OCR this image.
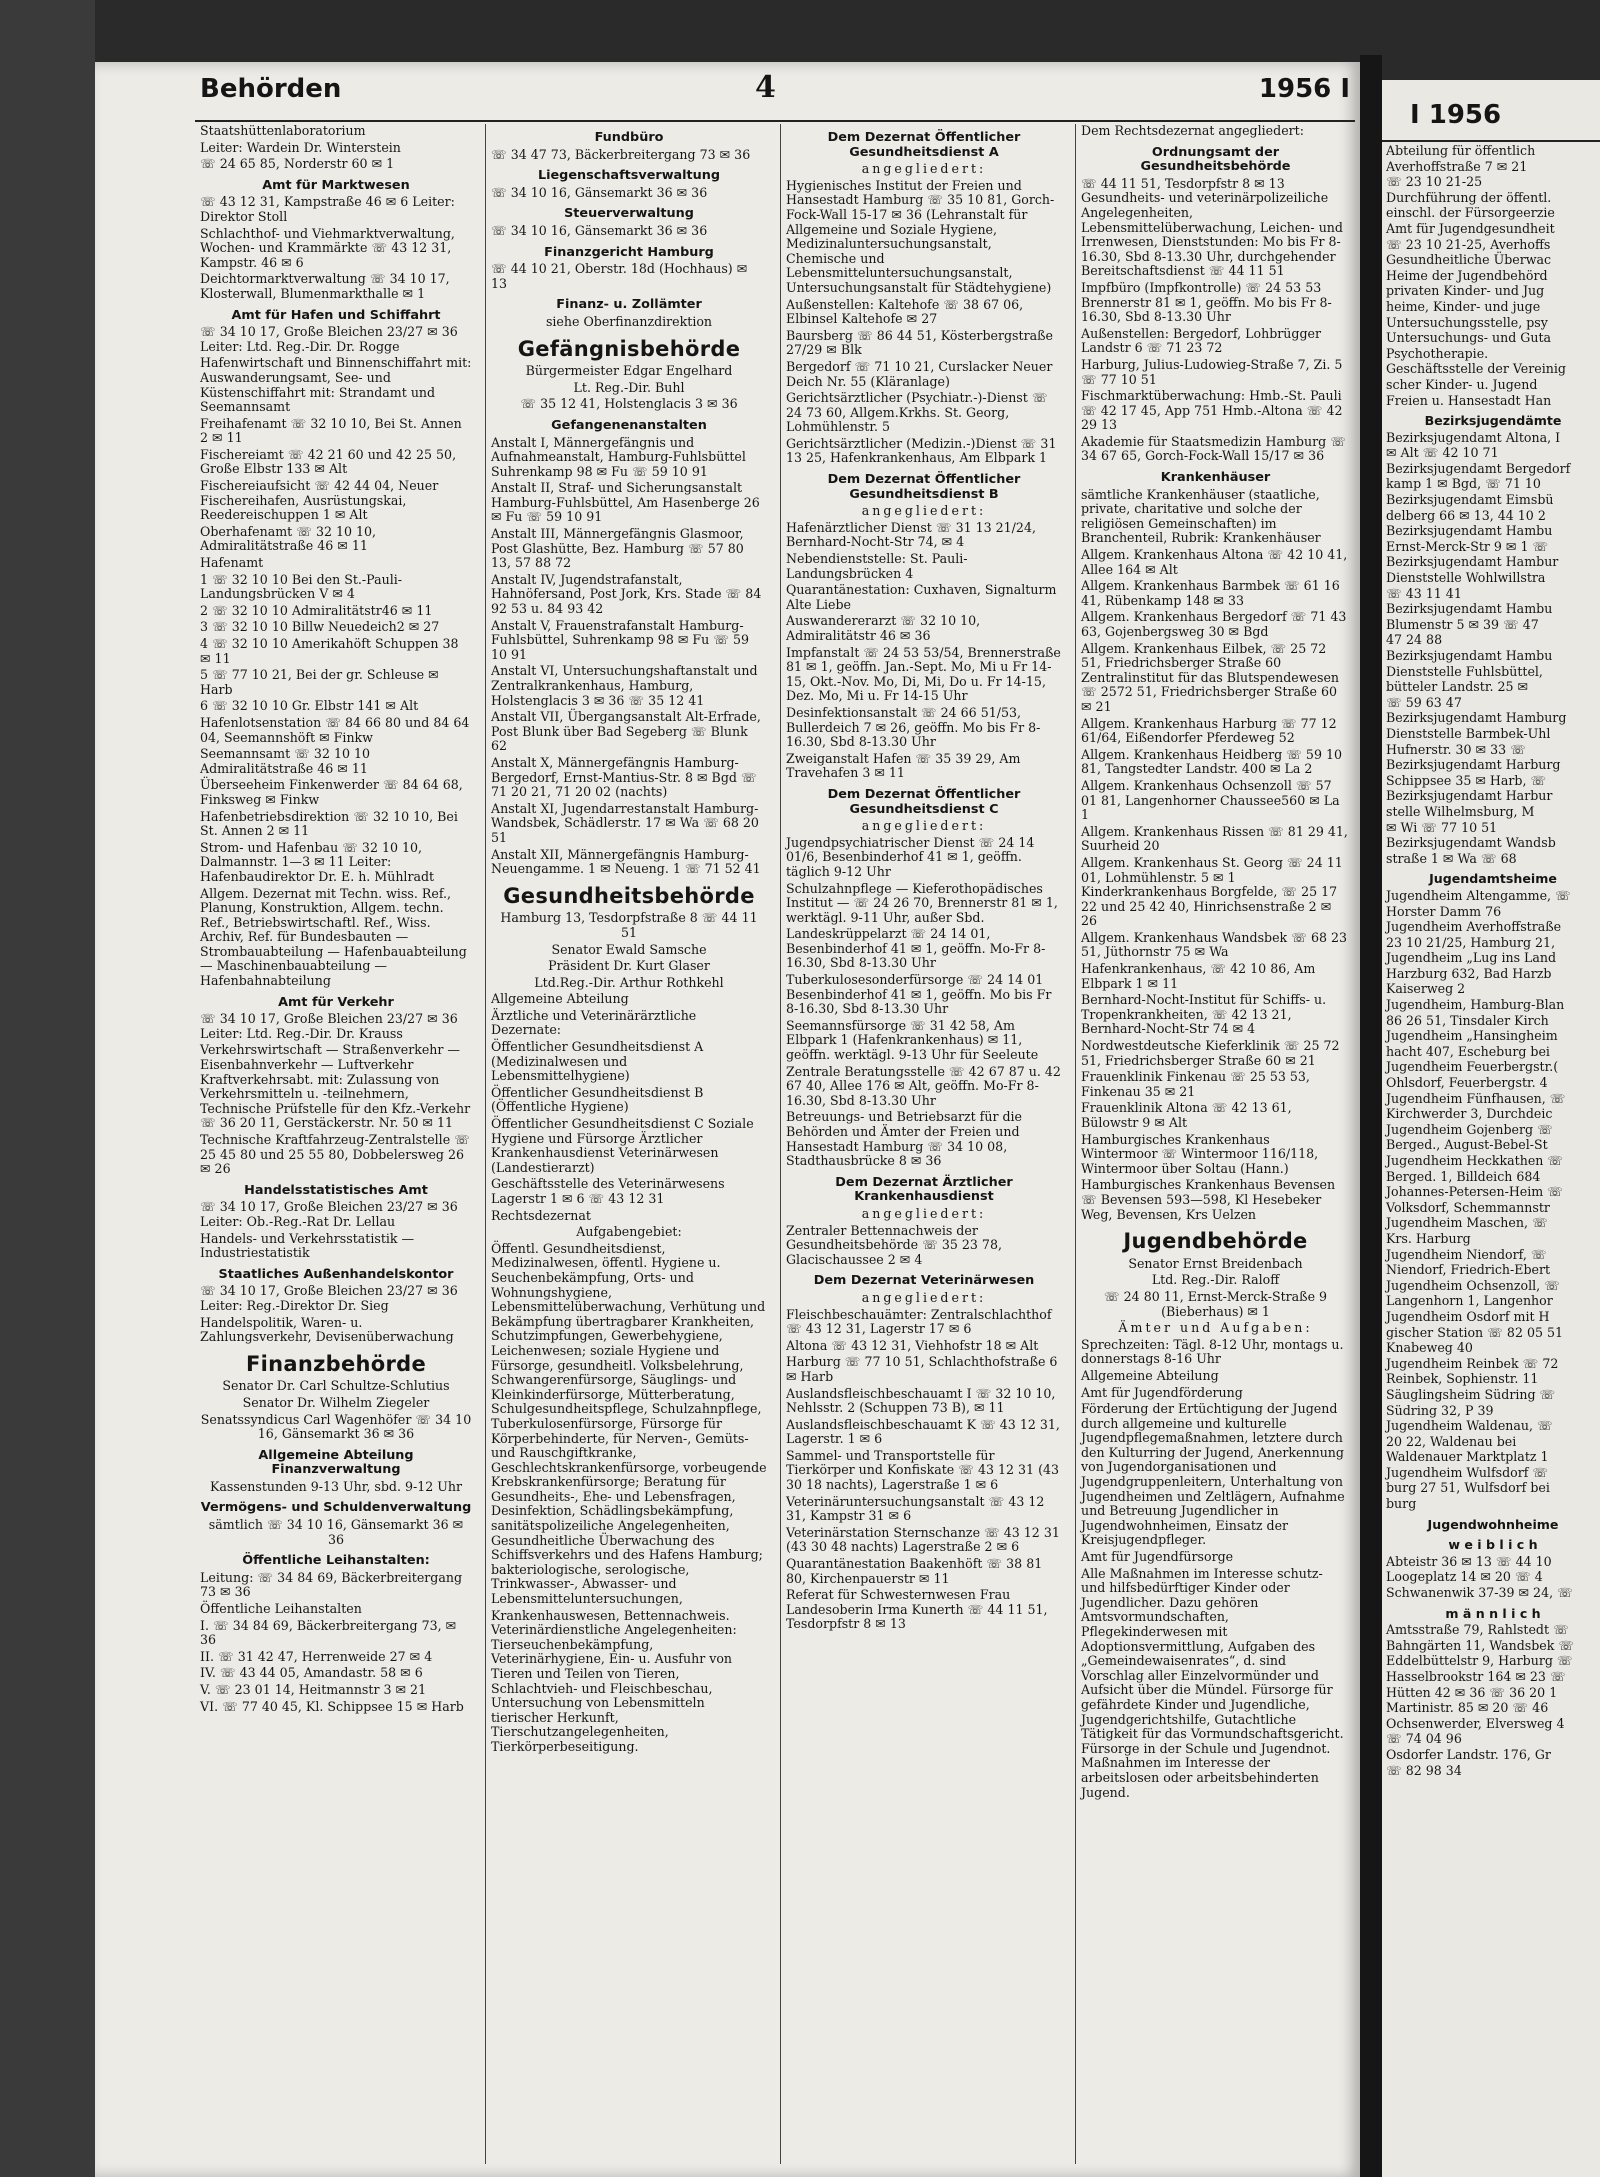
Behörden	4	1956 I

Staatshüttenlaboratorium

Leiter: Wardein Dr. Winterstein

☏ 24 65 85, Norderstr 60 ✉ 1

Amt für Marktwesen

☏ 43 12 31, Kampstraße 46 ✉ 6 Leiter: Direktor Stoll

Schlachthof- und Viehmarktverwaltung, Wochen- und Krammärkte ☏ 43 12 31, Kampstr. 46 ✉ 6

Deichtormarktverwaltung ☏ 34 10 17, Klosterwall, Blumenmarkthalle ✉ 1

Amt für Hafen und Schiffahrt

☏ 34 10 17, Große Bleichen 23/27 ✉ 36 Leiter: Ltd. Reg.-Dir. Dr. Rogge

Hafenwirtschaft und Binnenschiffahrt mit: Auswanderungsamt, See- und Küstenschiffahrt mit: Strandamt und Seemannsamt

Freihafenamt ☏ 32 10 10, Bei St. Annen 2 ✉ 11

Fischereiamt ☏ 42 21 60 und 42 25 50, Große Elbstr 133 ✉ Alt

Fischereiaufsicht ☏ 42 44 04, Neuer Fischereihafen, Ausrüstungskai, Reedereischuppen 1 ✉ Alt

Oberhafenamt ☏ 32 10 10, Admiralitätstraße 46 ✉ 11

Hafenamt

1 ☏ 32 10 10 Bei den St.-Pauli-Landungsbrücken V ✉ 4

2 ☏ 32 10 10 Admiralitätstr46 ✉ 11

3 ☏ 32 10 10 Billw Neuedeich2 ✉ 27

4 ☏ 32 10 10 Amerikahöft Schuppen 38 ✉ 11

5 ☏ 77 10 21, Bei der gr. Schleuse ✉ Harb

6 ☏ 32 10 10 Gr. Elbstr 141 ✉ Alt

Hafenlotsenstation ☏ 84 66 80 und 84 64 04, Seemannshöft ✉ Finkw

Seemannsamt ☏ 32 10 10 Admiralitätstraße 46 ✉ 11

Überseeheim Finkenwerder ☏ 84 64 68, Finksweg ✉ Finkw

Hafenbetriebsdirektion ☏ 32 10 10, Bei St. Annen 2 ✉ 11

Strom- und Hafenbau ☏ 32 10 10, Dalmannstr. 1—3 ✉ 11 Leiter: Hafenbaudirektor Dr. E. h. Mühlradt

Allgem. Dezernat mit Techn. wiss. Ref., Planung, Konstruktion, Allgem. techn. Ref., Betriebswirtschaftl. Ref., Wiss. Archiv, Ref. für Bundesbauten — Strombauabteilung — Hafenbauabteilung — Maschinenbauabteilung — Hafenbahnabteilung

Amt für Verkehr

☏ 34 10 17, Große Bleichen 23/27 ✉ 36 Leiter: Ltd. Reg.-Dir. Dr. Krauss

Verkehrswirtschaft — Straßenverkehr — Eisenbahnverkehr — Luftverkehr Kraftverkehrsabt. mit: Zulassung von Verkehrsmitteln u. -teilnehmern, Technische Prüfstelle für den Kfz.-Verkehr ☏ 36 20 11, Gerstäckerstr. Nr. 50 ✉ 11

Technische Kraftfahrzeug-Zentralstelle ☏ 25 45 80 und 25 55 80, Dobbelersweg 26 ✉ 26

Handelsstatistisches Amt

☏ 34 10 17, Große Bleichen 23/27 ✉ 36 Leiter: Ob.-Reg.-Rat Dr. Lellau

Handels- und Verkehrsstatistik — Industriestatistik

Staatliches Außenhandelskontor

☏ 34 10 17, Große Bleichen 23/27 ✉ 36 Leiter: Reg.-Direktor Dr. Sieg

Handelspolitik, Waren- u. Zahlungsverkehr, Devisenüberwachung

Finanzbehörde

Senator Dr. Carl Schultze-Schlutius

Senator Dr. Wilhelm Ziegeler

Senatssyndicus Carl Wagenhöfer ☏ 34 10 16, Gänsemarkt 36 ✉ 36

Allgemeine Abteilung Finanzverwaltung

Kassenstunden 9-13 Uhr, sbd. 9-12 Uhr

Vermögens- und Schuldenverwaltung

sämtlich ☏ 34 10 16, Gänsemarkt 36 ✉ 36

Öffentliche Leihanstalten:

Leitung: ☏ 34 84 69, Bäckerbreitergang 73 ✉ 36

Öffentliche Leihanstalten

I. ☏ 34 84 69, Bäckerbreitergang 73, ✉ 36

II. ☏ 31 42 47, Herrenweide 27 ✉ 4

IV. ☏ 43 44 05, Amandastr. 58 ✉ 6

V. ☏ 23 01 14, Heitmannstr 3 ✉ 21

VI. ☏ 77 40 45, Kl. Schippsee 15 ✉ Harb

Fundbüro

☏ 34 47 73, Bäckerbreitergang 73 ✉ 36

Liegenschaftsverwaltung

☏ 34 10 16, Gänsemarkt 36 ✉ 36

Steuerverwaltung

☏ 34 10 16, Gänsemarkt 36 ✉ 36

Finanzgericht Hamburg

☏ 44 10 21, Oberstr. 18d (Hochhaus) ✉ 13

Finanz- u. Zollämter

siehe Oberfinanzdirektion

Gefängnisbehörde

Bürgermeister Edgar Engelhard

Lt. Reg.-Dir. Buhl

☏ 35 12 41, Holstenglacis 3 ✉ 36

Gefangenenanstalten

Anstalt I, Männergefängnis und Aufnahmeanstalt, Hamburg-Fuhlsbüttel Suhrenkamp 98 ✉ Fu ☏ 59 10 91

Anstalt II, Straf- und Sicherungsanstalt Hamburg-Fuhlsbüttel, Am Hasenberge 26 ✉ Fu ☏ 59 10 91

Anstalt III, Männergefängnis Glasmoor, Post Glashütte, Bez. Hamburg ☏ 57 80 13, 57 88 72

Anstalt IV, Jugendstrafanstalt, Hahnöfersand, Post Jork, Krs. Stade ☏ 84 92 53 u. 84 93 42

Anstalt V, Frauenstrafanstalt Hamburg-Fuhlsbüttel, Suhrenkamp 98 ✉ Fu ☏ 59 10 91

Anstalt VI, Untersuchungshaftanstalt und Zentralkrankenhaus, Hamburg, Holstenglacis 3 ✉ 36 ☏ 35 12 41

Anstalt VII, Übergangsanstalt Alt-Erfrade, Post Blunk über Bad Segeberg ☏ Blunk 62

Anstalt X, Männergefängnis Hamburg-Bergedorf, Ernst-Mantius-Str. 8 ✉ Bgd ☏ 71 20 21, 71 20 02 (nachts)

Anstalt XI, Jugendarrestanstalt Hamburg-Wandsbek, Schädlerstr. 17 ✉ Wa ☏ 68 20 51

Anstalt XII, Männergefängnis Hamburg-Neuengamme. 1 ✉ Neueng. 1 ☏ 71 52 41

Gesundheitsbehörde

Hamburg 13, Tesdorpfstraße 8 ☏ 44 11 51

Senator Ewald Samsche

Präsident Dr. Kurt Glaser

Ltd.Reg.-Dir. Arthur Rothkehl

Allgemeine Abteilung

Ärztliche und Veterinärärztliche Dezernate:

Öffentlicher Gesundheitsdienst A (Medizinalwesen und Lebensmittelhygiene)

Öffentlicher Gesundheitsdienst B (Öffentliche Hygiene)

Öffentlicher Gesundheitsdienst C Soziale Hygiene und Fürsorge Ärztlicher Krankenhausdienst Veterinärwesen (Landestierarzt)

Geschäftsstelle des Veterinärwesens Lagerstr 1 ✉ 6 ☏ 43 12 31

Rechtsdezernat

Aufgabengebiet:

Öffentl. Gesundheitsdienst, Medizinalwesen, öffentl. Hygiene u. Seuchenbekämpfung, Orts- und Wohnungshygiene, Lebensmittelüberwachung, Verhütung und Bekämpfung übertragbarer Krankheiten, Schutzimpfungen, Gewerbehygiene, Leichenwesen; soziale Hygiene und Fürsorge, gesundheitl. Volksbelehrung, Schwangerenfürsorge, Säuglings- und Kleinkinderfürsorge, Mütterberatung, Schulgesundheitspflege, Schulzahnpflege, Tuberkulosenfürsorge, Fürsorge für Körperbehinderte, für Nerven-, Gemüts- und Rauschgiftkranke, Geschlechtskrankenfürsorge, vorbeugende Krebskrankenfürsorge; Beratung für Gesundheits-, Ehe- und Lebensfragen, Desinfektion, Schädlingsbekämpfung, sanitätspolizeiliche Angelegenheiten, Gesundheitliche Überwachung des Schiffsverkehrs und des Hafens Hamburg; bakteriologische, serologische, Trinkwasser-, Abwasser- und Lebensmitteluntersuchungen,

Krankenhauswesen, Bettennachweis. Veterinärdienstliche Angelegenheiten: Tierseuchenbekämpfung, Veterinärhygiene, Ein- u. Ausfuhr von Tieren und Teilen von Tieren, Schlachtvieh- und Fleischbeschau, Untersuchung von Lebensmitteln tierischer Herkunft, Tierschutzangelegenheiten, Tierkörperbeseitigung.

Dem Dezernat Öffentlicher Gesundheitsdienst A

angegliedert:

Hygienisches Institut der Freien und Hansestadt Hamburg ☏ 35 10 81, Gorch-Fock-Wall 15-17 ✉ 36 (Lehranstalt für Allgemeine und Soziale Hygiene, Medizinaluntersuchungsanstalt, Chemische und Lebensmitteluntersuchungsanstalt, Untersuchungsanstalt für Städtehygiene)

Außenstellen: Kaltehofe ☏ 38 67 06, Elbinsel Kaltehofe ✉ 27

Baursberg ☏ 86 44 51, Kösterbergstraße 27/29 ✉ Blk

Bergedorf ☏ 71 10 21, Curslacker Neuer Deich Nr. 55 (Kläranlage)

Gerichtsärztlicher (Psychiatr.-)-Dienst ☏ 24 73 60, Allgem.Krkhs. St. Georg, Lohmühlenstr. 5

Gerichtsärztlicher (Medizin.-)Dienst ☏ 31 13 25, Hafenkrankenhaus, Am Elbpark 1

Dem Dezernat Öffentlicher Gesundheitsdienst B

angegliedert:

Hafenärztlicher Dienst ☏ 31 13 21/24, Bernhard-Nocht-Str 74, ✉ 4

Nebendienststelle: St. Pauli-Landungsbrücken 4

Quarantänestation: Cuxhaven, Signalturm Alte Liebe

Auswandererarzt ☏ 32 10 10, Admiralitätstr 46 ✉ 36

Impfanstalt ☏ 24 53 53/54, Brennerstraße 81 ✉ 1, geöffn. Jan.-Sept. Mo, Mi u Fr 14-15, Okt.-Nov. Mo, Di, Mi, Do u. Fr 14-15, Dez. Mo, Mi u. Fr 14-15 Uhr

Desinfektionsanstalt ☏ 24 66 51/53, Bullerdeich 7 ✉ 26, geöffn. Mo bis Fr 8-16.30, Sbd 8-13.30 Uhr

Zweiganstalt Hafen ☏ 35 39 29, Am Travehafen 3 ✉ 11

Dem Dezernat Öffentlicher Gesundheitsdienst C

angegliedert:

Jugendpsychiatrischer Dienst ☏ 24 14 01/6, Besenbinderhof 41 ✉ 1, geöffn. täglich 9-12 Uhr

Schulzahnpflege — Kieferothopädisches Institut — ☏ 24 26 70, Brennerstr 81 ✉ 1, werktägl. 9-11 Uhr, außer Sbd.

Landeskrüppelarzt ☏ 24 14 01, Besenbinderhof 41 ✉ 1, geöffn. Mo-Fr 8-16.30, Sbd 8-13.30 Uhr

Tuberkulosesonderfürsorge ☏ 24 14 01 Besenbinderhof 41 ✉ 1, geöffn. Mo bis Fr 8-16.30, Sbd 8-13.30 Uhr

Seemannsfürsorge ☏ 31 42 58, Am Elbpark 1 (Hafenkrankenhaus) ✉ 11, geöffn. werktägl. 9-13 Uhr für Seeleute

Zentrale Beratungsstelle ☏ 42 67 87 u. 42 67 40, Allee 176 ✉ Alt, geöffn. Mo-Fr 8-16.30, Sbd 8-13.30 Uhr

Betreuungs- und Betriebsarzt für die Behörden und Ämter der Freien und Hansestadt Hamburg ☏ 34 10 08, Stadthausbrücke 8 ✉ 36

Dem Dezernat Ärztlicher Krankenhausdienst

angegliedert:

Zentraler Bettennachweis der Gesundheitsbehörde ☏ 35 23 78, Glacischaussee 2 ✉ 4

Dem Dezernat Veterinärwesen

angegliedert:

Fleischbeschauämter: Zentralschlachthof ☏ 43 12 31, Lagerstr 17 ✉ 6

Altona ☏ 43 12 31, Viehhofstr 18 ✉ Alt

Harburg ☏ 77 10 51, Schlachthofstraße 6 ✉ Harb

Auslandsfleischbeschauamt I ☏ 32 10 10, Nehlsstr. 2 (Schuppen 73 B), ✉ 11

Auslandsfleischbeschauamt K ☏ 43 12 31, Lagerstr. 1 ✉ 6

Sammel- und Transportstelle für Tierkörper und Konfiskate ☏ 43 12 31 (43 30 18 nachts), Lagerstraße 1 ✉ 6

Veterinäruntersuchungsanstalt ☏ 43 12 31, Kampstr 31 ✉ 6

Veterinärstation Sternschanze ☏ 43 12 31 (43 30 48 nachts) Lagerstraße 2 ✉ 6

Quarantänestation Baakenhöft ☏ 38 81 80, Kirchenpauerstr ✉ 11

Referat für Schwesternwesen Frau Landesoberin Irma Kunerth ☏ 44 11 51, Tesdorpfstr 8 ✉ 13

Dem Rechtsdezernat angegliedert:

Ordnungsamt der Gesundheitsbehörde

☏ 44 11 51, Tesdorpfstr 8 ✉ 13 Gesundheits- und veterinärpolizeiliche Angelegenheiten, Lebensmittelüberwachung, Leichen- und Irrenwesen, Dienststunden: Mo bis Fr 8-16.30, Sbd 8-13.30 Uhr, durchgehender Bereitschaftsdienst ☏ 44 11 51

Impfbüro (Impfkontrolle) ☏ 24 53 53 Brennerstr 81 ✉ 1, geöffn. Mo bis Fr 8-16.30, Sbd 8-13.30 Uhr

Außenstellen: Bergedorf, Lohbrügger Landstr 6 ☏ 71 23 72

Harburg, Julius-Ludowieg-Straße 7, Zi. 5 ☏ 77 10 51

Fischmarktüberwachung: Hmb.-St. Pauli ☏ 42 17 45, App 751 Hmb.-Altona ☏ 42 29 13

Akademie für Staatsmedizin Hamburg ☏ 34 67 65, Gorch-Fock-Wall 15/17 ✉ 36

Krankenhäuser

sämtliche Krankenhäuser (staatliche, private, charitative und solche der religiösen Gemeinschaften) im Branchenteil, Rubrik: Krankenhäuser

Allgem. Krankenhaus Altona ☏ 42 10 41, Allee 164 ✉ Alt

Allgem. Krankenhaus Barmbek ☏ 61 16 41, Rübenkamp 148 ✉ 33

Allgem. Krankenhaus Bergedorf ☏ 71 43 63, Gojenbergsweg 30 ✉ Bgd

Allgem. Krankenhaus Eilbek, ☏ 25 72 51, Friedrichsberger Straße 60 Zentralinstitut für das Blutspendewesen ☏ 2572 51, Friedrichsberger Straße 60 ✉ 21

Allgem. Krankenhaus Harburg ☏ 77 12 61/64, Eißendorfer Pferdeweg 52

Allgem. Krankenhaus Heidberg ☏ 59 10 81, Tangstedter Landstr. 400 ✉ La 2

Allgem. Krankenhaus Ochsenzoll ☏ 57 01 81, Langenhorner Chaussee560 ✉ La 1

Allgem. Krankenhaus Rissen ☏ 81 29 41, Suurheid 20

Allgem. Krankenhaus St. Georg ☏ 24 11 01, Lohmühlenstr. 5 ✉ 1 Kinderkrankenhaus Borgfelde, ☏ 25 17 22 und 25 42 40, Hinrichsenstraße 2 ✉ 26

Allgem. Krankenhaus Wandsbek ☏ 68 23 51, Jüthornstr 75 ✉ Wa

Hafenkrankenhaus, ☏ 42 10 86, Am Elbpark 1 ✉ 11

Bernhard-Nocht-Institut für Schiffs- u. Tropenkrankheiten, ☏ 42 13 21, Bernhard-Nocht-Str 74 ✉ 4

Nordwestdeutsche Kieferklinik ☏ 25 72 51, Friedrichsberger Straße 60 ✉ 21

Frauenklinik Finkenau ☏ 25 53 53, Finkenau 35 ✉ 21

Frauenklinik Altona ☏ 42 13 61, Bülowstr 9 ✉ Alt

Hamburgisches Krankenhaus Wintermoor ☏ Wintermoor 116/118, Wintermoor über Soltau (Hann.)

Hamburgisches Krankenhaus Bevensen ☏ Bevensen 593—598, Kl Hesebeker Weg, Bevensen, Krs Uelzen

Jugendbehörde

Senator Ernst Breidenbach

Ltd. Reg.-Dir. Raloff

☏ 24 80 11, Ernst-Merck-Straße 9 (Bieberhaus) ✉ 1

Ämter und Aufgaben:

Sprechzeiten: Tägl. 8-12 Uhr, montags u. donnerstags 8-16 Uhr

Allgemeine Abteilung

Amt für Jugendförderung

Förderung der Ertüchtigung der Jugend durch allgemeine und kulturelle Jugendpflegemaßnahmen, letztere durch den Kulturring der Jugend, Anerkennung von Jugendorganisationen und Jugendgruppenleitern, Unterhaltung von Jugendheimen und Zeltlägern, Aufnahme und Betreuung Jugendlicher in Jugendwohnheimen, Einsatz der Kreisjugendpfleger.

Amt für Jugendfürsorge

Alle Maßnahmen im Interesse schutz- und hilfsbedürftiger Kinder oder Jugendlicher. Dazu gehören Amtsvormundschaften, Pflegekinderwesen mit Adoptionsvermittlung, Aufgaben des „Gemeindewaisenrates“, d. sind Vorschlag aller Einzelvormünder und Aufsicht über die Mündel. Fürsorge für gefährdete Kinder und Jugendliche, Jugendgerichtshilfe, Gutachtliche Tätigkeit für das Vormundschaftsgericht. Fürsorge in der Schule und Jugendnot. Maßnahmen im Interesse der arbeitslosen oder arbeitsbehinderten Jugend.

I 1956

Abteilung für öffentlich

Averhoffstraße 7 ✉ 21

☏ 23 10 21-25

Durchführung der öffentl.

einschl. der Fürsorgeerzie

Amt für Jugendgesundheit

☏ 23 10 21-25, Averhoffs

Gesundheitliche Überwac

Heime der Jugendbehörd

privaten Kinder- und Jug

heime, Kinder- und juge

Untersuchungsstelle, psy

Untersuchungs- und Guta

Psychotherapie.

Geschäftsstelle der Vereinig

scher Kinder- u. Jugend

Freien u. Hansestadt Han

Bezirksjugendämte

Bezirksjugendamt Altona, I

✉ Alt ☏ 42 10 71

Bezirksjugendamt Bergedorf

kamp 1 ✉ Bgd, ☏ 71 10

Bezirksjugendamt Eimsbü

delberg 66 ✉ 13, 44 10 2

Bezirksjugendamt Hambu

Ernst-Merck-Str 9 ✉ 1 ☏

Bezirksjugendamt Hambur

Dienststelle Wohlwillstra

☏ 43 11 41

Bezirksjugendamt Hambu

Blumenstr 5 ✉ 39 ☏ 47

47 24 88

Bezirksjugendamt Hambu

Dienststelle Fuhlsbüttel,

bütteler Landstr. 25 ✉

☏ 59 63 47

Bezirksjugendamt Hamburg

Dienststelle Barmbek-Uhl

Hufnerstr. 30 ✉ 33 ☏

Bezirksjugendamt Harburg

Schippsee 35 ✉ Harb, ☏

Bezirksjugendamt Harbur

stelle Wilhelmsburg, M

✉ Wi ☏ 77 10 51

Bezirksjugendamt Wandsb

straße 1 ✉ Wa ☏ 68

Jugendamtsheime

Jugendheim Altengamme, ☏

Horster Damm 76

Jugendheim Averhoffstraße

23 10 21/25, Hamburg 21,

Jugendheim „Lug ins Land

Harzburg 632, Bad Harzb

Kaiserweg 2

Jugendheim, Hamburg-Blan

86 26 51, Tinsdaler Kirch

Jugendheim „Hansingheim

hacht 407, Escheburg bei

Jugendheim Feuerbergstr.(

Ohlsdorf, Feuerbergstr. 4

Jugendheim Fünfhausen, ☏

Kirchwerder 3, Durchdeic

Jugendheim Gojenberg ☏

Berged., August-Bebel-St

Jugendheim Heckkathen ☏

Berged. 1, Billdeich 684

Johannes-Petersen-Heim ☏

Volksdorf, Schemmannstr

Jugendheim Maschen, ☏

Krs. Harburg

Jugendheim Niendorf, ☏

Niendorf, Friedrich-Ebert

Jugendheim Ochsenzoll, ☏

Langenhorn 1, Langenhor

Jugendheim Osdorf mit H

gischer Station ☏ 82 05 51

Knabeweg 40

Jugendheim Reinbek ☏ 72

Reinbek, Sophienstr. 11

Säuglingsheim Südring ☏

Südring 32, P 39

Jugendheim Waldenau, ☏

20 22, Waldenau bei

Waldenauer Marktplatz 1

Jugendheim Wulfsdorf ☏

burg 27 51, Wulfsdorf bei

burg

Jugendwohnheime
w e i b l i c h

Abteistr 36 ✉ 13 ☏ 44 10

Loogeplatz 14 ✉ 20 ☏ 4

Schwanenwik 37-39 ✉ 24, ☏

m ä n n l i c h

Amtsstraße 79, Rahlstedt ☏

Bahngärten 11, Wandsbek ☏

Eddelbüttelstr 9, Harburg ☏

Hasselbrookstr 164 ✉ 23 ☏

Hütten 42 ✉ 36 ☏ 36 20 1

Martinistr. 85 ✉ 20 ☏ 46

Ochsenwerder, Elversweg 4

☏ 74 04 96

Osdorfer Landstr. 176, Gr

☏ 82 98 34
